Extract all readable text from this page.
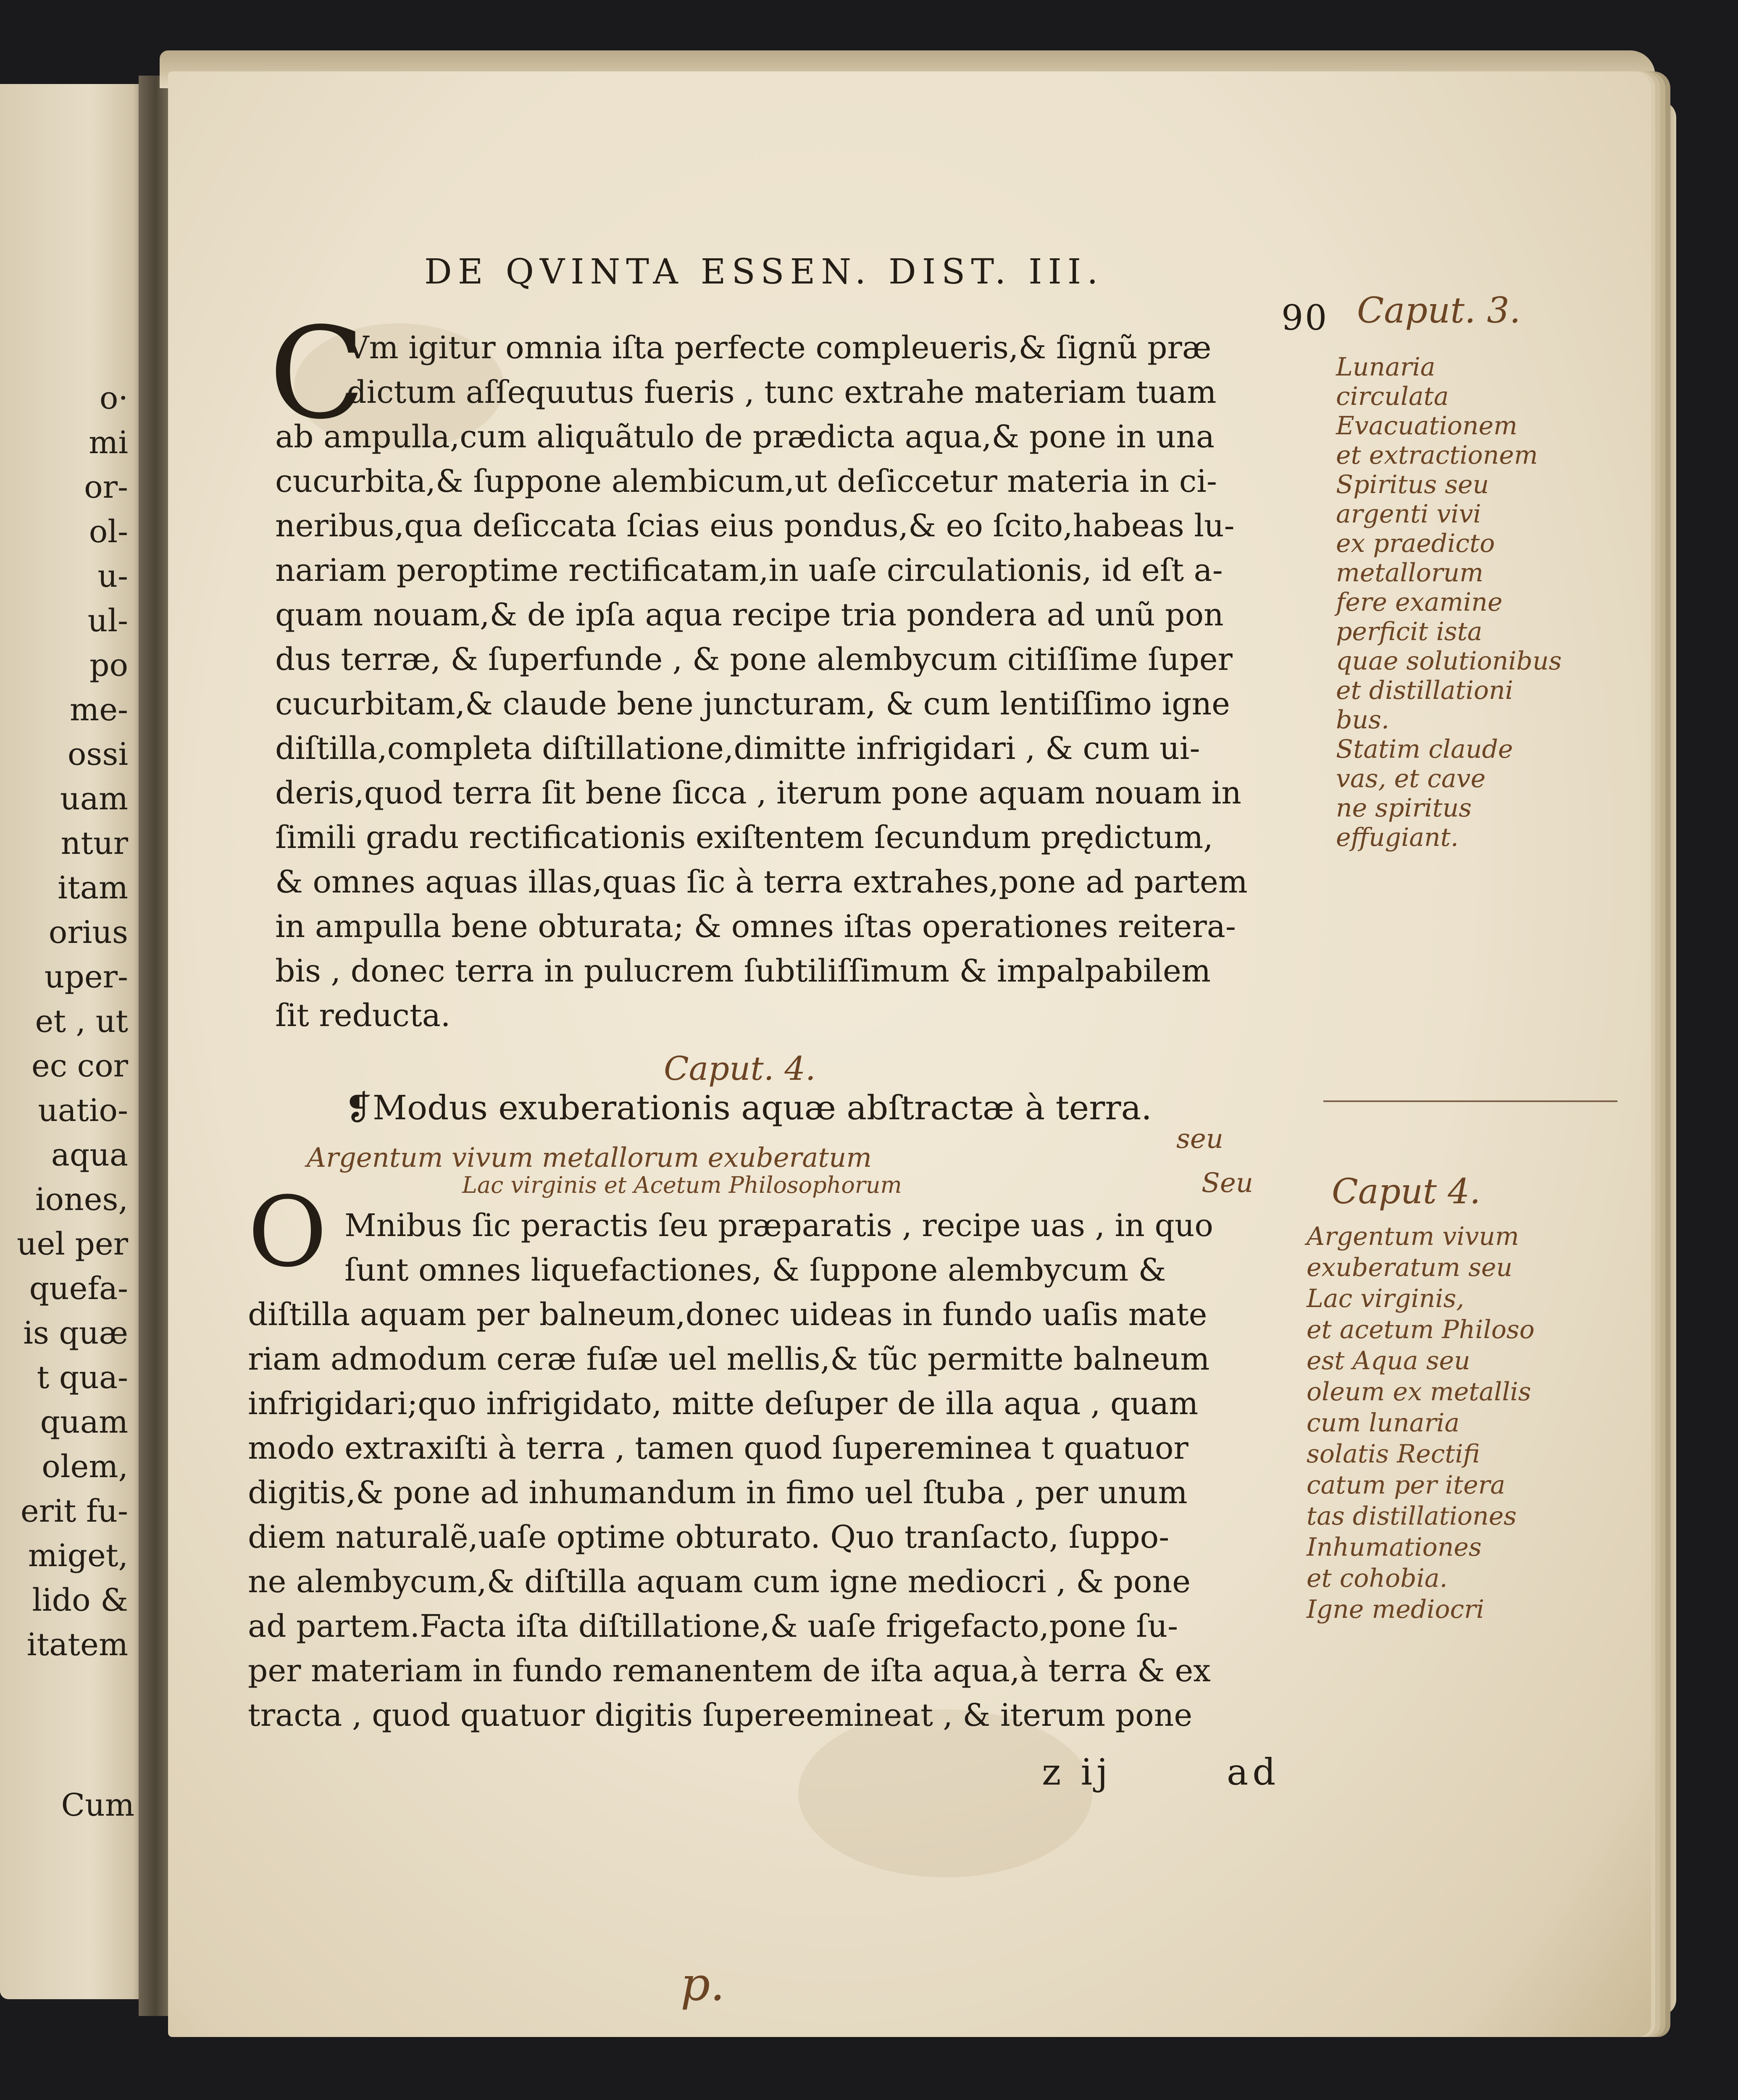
o·
mi
or-
ol-
u-
ul-
po
me-
ossi
uam
ntur
itam
orius
uper-
et , ut
ec cor
uatio-
aqua
iones,
uel per
quefa-
is quæ
t qua-
quam
olem,
erit fu-
miget,
lido &
itatem
Cum
DE QVINTA ESSEN. DIST. III.
90
C
Vm igitur omnia iſta perfecte compleueris,& ſignũ præ
dictum aſſequutus fueris , tunc extrahe materiam tuam
ab ampulla,cum aliquãtulo de prædicta aqua,& pone in una
cucurbita,& ſuppone alembicum,ut deſiccetur materia in ci-
neribus,qua deſiccata ſcias eius pondus,& eo ſcito,habeas lu-
nariam peroptime rectificatam,in uaſe circulationis, id eſt a-
quam nouam,& de ipſa aqua recipe tria pondera ad unũ pon
dus terræ, & ſuperfunde , & pone alembycum citiſſime ſuper
cucurbitam,& claude bene juncturam, & cum lentiſſimo igne
diſtilla,completa diſtillatione,dimitte infrigidari , & cum ui-
deris,quod terra ſit bene ſicca , iterum pone aquam nouam in
ſimili gradu rectificationis exiſtentem ſecundum prędictum,
& omnes aquas illas,quas ſic à terra extrahes,pone ad partem
in ampulla bene obturata; & omnes iſtas operationes reitera-
bis , donec terra in pulucrem ſubtiliſſimum & impalpabilem
ſit reducta.
❡Modus exuberationis aquæ abſtractæ à terra.
O Mnibus ſic peractis ſeu præparatis , recipe uas , in quo
ſunt omnes liquefactiones, & ſuppone alembycum &
diſtilla aquam per balneum,donec uideas in fundo uaſis mate
riam admodum ceræ fuſæ uel mellis,& tũc permitte balneum
infrigidari;quo infrigidato, mitte deſuper de illa aqua , quam
modo extraxiſti à terra , tamen quod ſupereminea t quatuor
digitis,& pone ad inhumandum in fimo uel ſtuba , per unum
diem naturalẽ,uaſe optime obturato. Quo tranſacto, ſuppo-
ne alembycum,& diſtilla aquam cum igne mediocri , & pone
ad partem.Facta iſta diſtillatione,& uaſe frigefacto,pone ſu-
per materiam in fundo remanentem de iſta aqua,à terra & ex
tracta , quod quatuor digitis ſupereemineat , & iterum pone
z ij	ad
Caput. 3.
Lunaria
circulata
Evacuationem
et extractionem
Spiritus seu
argenti vivi
ex praedicto
metallorum
fere examine
perficit ista
quae solutionibus
et distillationi
bus.
Statim claude
vas, et cave
ne spiritus
effugiant.
Caput. 4.
seu
Argentum vivum metallorum exuberatum
Seu
Lac virginis et Acetum Philosophorum	Caput 4.
Argentum vivum
exuberatum seu
Lac virginis,
et acetum Philoso
est Aqua seu
oleum ex metallis
cum lunaria
solatis Rectifi
catum per itera
tas distillationes
Inhumationes
et cohobia.
Igne mediocri
p.
